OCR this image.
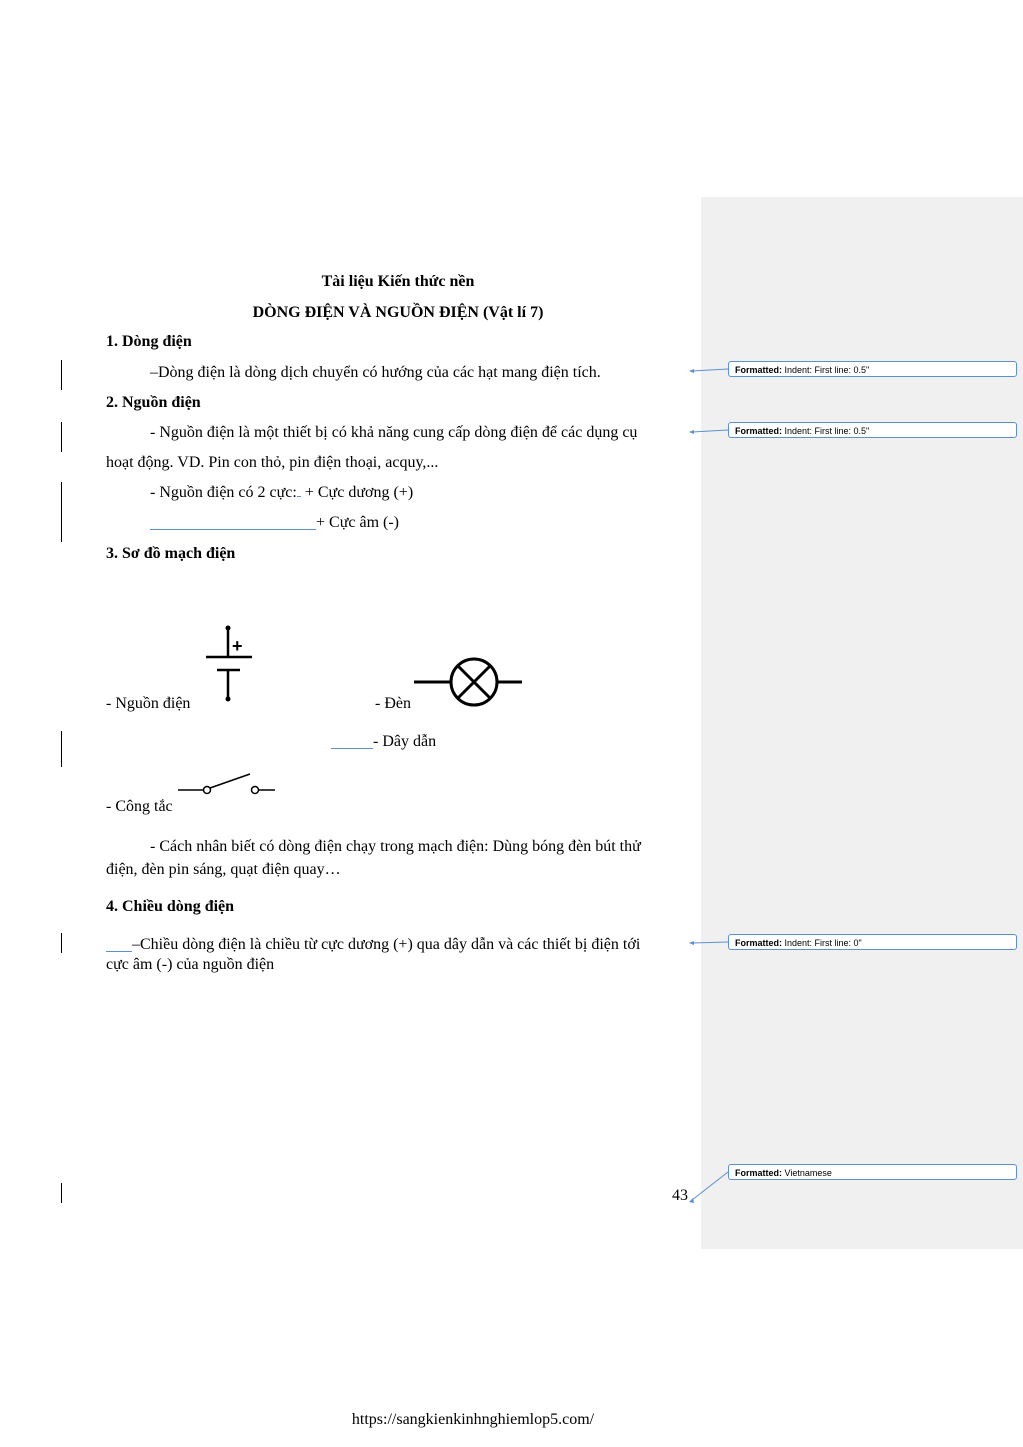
Tài liệu Kiến thức nền
DÒNG ĐIỆN VÀ NGUỒN ĐIỆN (Vật lí 7)
1. Dòng điện
–Dòng điện là dòng dịch chuyển có hướng của các hạt mang điện tích.
2. Nguồn điện
- Nguồn điện là một thiết bị có khả năng cung cấp dòng điện để các dụng cụ
hoạt động. VD. Pin con thỏ, pin điện thoại, acquy,...
- Nguồn điện có 2 cực: + Cực dương (+)
+ Cực âm (-)
3. Sơ đồ mạch điện
+
- Nguồn điện	- Đèn
- Dây dẫn
- Công tắc
- Cách nhân biết có dòng điện chạy trong mạch điện: Dùng bóng đèn bút thử
điện, đèn pin sáng, quạt điện quay…
4. Chiều dòng điện
–Chiều dòng điện là chiều từ cực dương (+) qua dây dẫn và các thiết bị điện tới
cực âm (-) của nguồn điện
43
Formatted: Indent: First line: 0.5"
Formatted: Indent: First line: 0.5"
Formatted: Indent: First line: 0"
Formatted: Vietnamese
https://sangkienkinhnghiemlop5.com/
